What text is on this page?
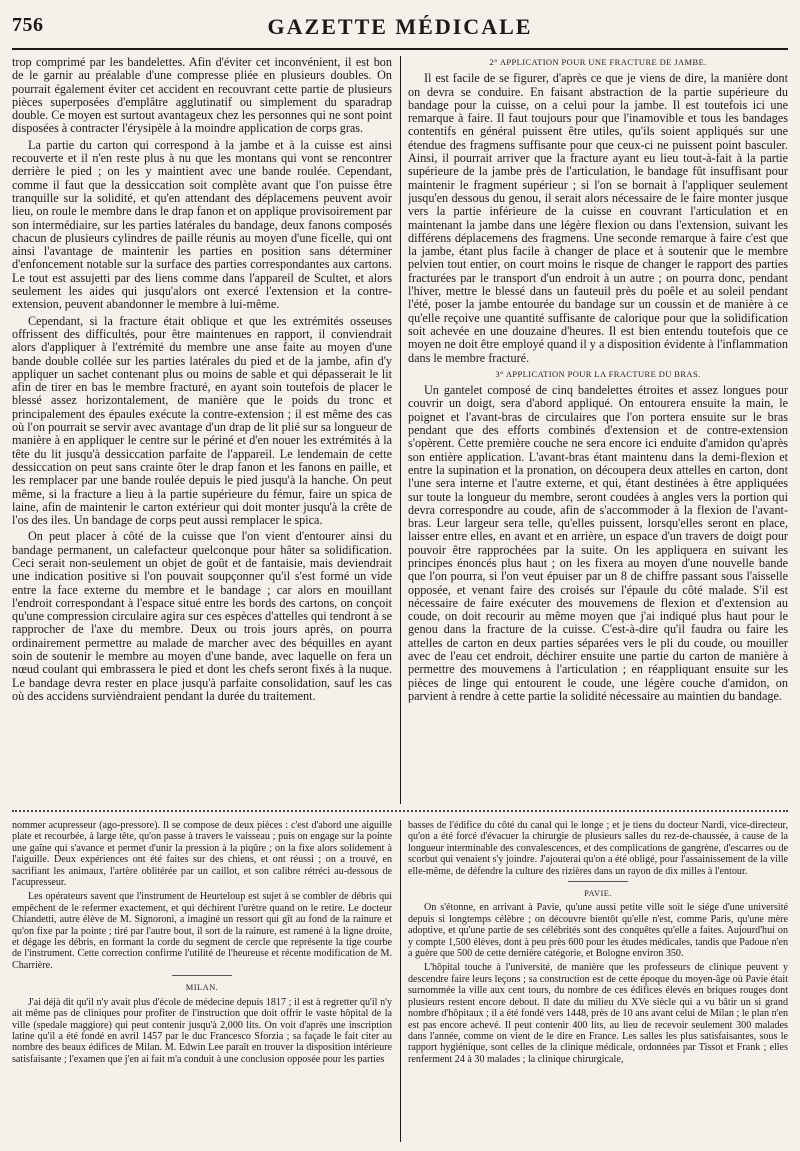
756	GAZETTE MÉDICALE

trop comprimé par les bandelettes. Afin d'éviter cet inconvénient, il est bon de le garnir au préalable d'une compresse pliée en plusieurs doubles. On pourrait également éviter cet accident en recouvrant cette partie de plusieurs pièces superposées d'emplâtre agglutinatif ou simplement du sparadrap double. Ce moyen est surtout avantageux chez les personnes qui ne sont point disposées à contracter l'érysipèle à la moindre application de corps gras.

La partie du carton qui correspond à la jambe et à la cuisse est ainsi recouverte et il n'en reste plus à nu que les montans qui vont se rencontrer derrière le pied ; on les y maintient avec une bande roulée. Cependant, comme il faut que la dessiccation soit complète avant que l'on puisse être tranquille sur la solidité, et qu'en attendant des déplacemens peuvent avoir lieu, on roule le membre dans le drap fanon et on applique provisoirement par son intermédiaire, sur les parties latérales du bandage, deux fanons composés chacun de plusieurs cylindres de paille réunis au moyen d'une ficelle, qui ont ainsi l'avantage de maintenir les parties en position sans déterminer d'enfoncement notable sur la surface des parties correspondantes aux cartons. Le tout est assujetti par des liens comme dans l'appareil de Scultet, et alors seulement les aides qui jusqu'alors ont exercé l'extension et la contre-extension, peuvent abandonner le membre à lui-même.

Cependant, si la fracture était oblique et que les extrémités osseuses offrissent des difficultés, pour être maintenues en rapport, il conviendrait alors d'appliquer à l'extrémité du membre une anse faite au moyen d'une bande double collée sur les parties latérales du pied et de la jambe, afin d'y appliquer un sachet contenant plus ou moins de sable et qui dépasserait le lit afin de tirer en bas le membre fracturé, en ayant soin toutefois de placer le blessé assez horizontalement, de manière que le poids du tronc et principalement des épaules exécute la contre-extension ; il est même des cas où l'on pourrait se servir avec avantage d'un drap de lit plié sur sa longueur de manière à en appliquer le centre sur le périné et d'en nouer les extrémités à la tête du lit jusqu'à dessiccation parfaite de l'appareil. Le lendemain de cette dessiccation on peut sans crainte ôter le drap fanon et les fanons en paille, et les remplacer par une bande roulée depuis le pied jusqu'à la hanche. On peut même, si la fracture a lieu à la partie supérieure du fémur, faire un spica de laine, afin de maintenir le carton extérieur qui doit monter jusqu'à la crête de l'os des iles. Un bandage de corps peut aussi remplacer le spica.

On peut placer à côté de la cuisse que l'on vient d'entourer ainsi du bandage permanent, un calefacteur quelconque pour hâter sa solidification. Ceci serait non-seulement un objet de goût et de fantaisie, mais deviendrait une indication positive si l'on pouvait soupçonner qu'il s'est formé un vide entre la face externe du membre et le bandage ; car alors en mouillant l'endroit correspondant à l'espace situé entre les bords des cartons, on conçoit qu'une compression circulaire agira sur ces espèces d'attelles qui tendront à se rapprocher de l'axe du membre. Deux ou trois jours après, on pourra ordinairement permettre au malade de marcher avec des béquilles en ayant soin de soutenir le membre au moyen d'une bande, avec laquelle on fera un nœud coulant qui embrassera le pied et dont les chefs seront fixés à la nuque. Le bandage devra rester en place jusqu'à parfaite consolidation, sauf les cas où des accidens survièndraient pendant la durée du traitement.

2° APPLICATION POUR UNE FRACTURE DE JAMBE.

Il est facile de se figurer, d'après ce que je viens de dire, la manière dont on devra se conduire. En faisant abstraction de la partie supérieure du bandage pour la cuisse, on a celui pour la jambe. Il est toutefois ici une remarque à faire. Il faut toujours pour que l'inamovible et tous les bandages contentifs en général puissent être utiles, qu'ils soient appliqués sur une étendue des fragmens suffisante pour que ceux-ci ne puissent point basculer. Ainsi, il pourrait arriver que la fracture ayant eu lieu tout-à-fait à la partie supérieure de la jambe près de l'articulation, le bandage fût insuffisant pour maintenir le fragment supérieur ; si l'on se bornait à l'appliquer seulement jusqu'en dessous du genou, il serait alors nécessaire de le faire monter jusque vers la partie inférieure de la cuisse en couvrant l'articulation et en maintenant la jambe dans une légère flexion ou dans l'extension, suivant les différens déplacemens des fragmens. Une seconde remarque à faire c'est que la jambe, étant plus facile à changer de place et à soutenir que le membre pelvien tout entier, on court moins le risque de changer le rapport des parties fracturées par le transport d'un endroit à un autre ; on pourra donc, pendant l'hiver, mettre le blessé dans un fauteuil près du poêle et au soleil pendant l'été, poser la jambe entourée du bandage sur un coussin et de manière à ce qu'elle reçoive une quantité suffisante de calorique pour que la solidification soit achevée en une douzaine d'heures. Il est bien entendu toutefois que ce moyen ne doit être employé quand il y a disposition évidente à l'inflammation dans le membre fracturé.

3° APPLICATION POUR LA FRACTURE DU BRAS.

Un gantelet composé de cinq bandelettes étroites et assez longues pour couvrir un doigt, sera d'abord appliqué. On entourera ensuite la main, le poignet et l'avant-bras de circulaires que l'on portera ensuite sur le bras pendant que des efforts combinés d'extension et de contre-extension s'opèrent. Cette première couche ne sera encore ici enduite d'amidon qu'après son entière application. L'avant-bras étant maintenu dans la demi-flexion et entre la supination et la pronation, on découpera deux attelles en carton, dont l'une sera interne et l'autre externe, et qui, étant destinées à être appliquées sur toute la longueur du membre, seront coudées à angles vers la portion qui devra correspondre au coude, afin de s'accommoder à la flexion de l'avant-bras. Leur largeur sera telle, qu'elles puissent, lorsqu'elles seront en place, laisser entre elles, en avant et en arrière, un espace d'un travers de doigt pour pouvoir être rapprochées par la suite. On les appliquera en suivant les principes énoncés plus haut ; on les fixera au moyen d'une nouvelle bande que l'on pourra, si l'on veut épuiser par un 8 de chiffre passant sous l'aisselle opposée, et venant faire des croisés sur l'épaule du côté malade. S'il est nécessaire de faire exécuter des mouvemens de flexion et d'extension au coude, on doit recourir au même moyen que j'ai indiqué plus haut pour le genou dans la fracture de la cuisse. C'est-à-dire qu'il faudra ou faire les attelles de carton en deux parties séparées vers le pli du coude, ou mouiller avec de l'eau cet endroit, déchirer ensuite une partie du carton de manière à permettre des mouvemens à l'articulation ; en réappliquant ensuite sur les pièces de linge qui entourent le coude, une légère couche d'amidon, on parvient à rendre à cette partie la solidité nécessaire au maintien du bandage.

nommer acupresseur (ago-pressore). Il se compose de deux pièces : c'est d'abord une aiguille plate et recourbée, à large tête, qu'on passe à travers le vaisseau ; puis on engage sur la pointe une gaîne qui s'avance et permet d'unir la pression à la piqûre ; on la fixe alors solidement à l'aiguille. Deux expériences ont été faites sur des chiens, et ont réussi ; on a trouvé, en sacrifiant les animaux, l'artère oblitérée par un caillot, et son calibre rétréci au-dessous de l'acupresseur.

Les opérateurs savent que l'instrument de Heurteloup est sujet à se combler de débris qui empêchent de le refermer exactement, et qui déchirent l'urètre quand on le retire. Le docteur Chiandetti, autre élève de M. Signoroni, a imaginé un ressort qui gît au fond de la rainure et qu'on fixe par la pointe ; tiré par l'autre bout, il sort de la rainure, est ramené à la ligne droite, et dégage les débris, en formant la corde du segment de cercle que représente la tige courbe de l'instrument. Cette correction confirme l'utilité de l'heureuse et récente modification de M. Charrière.

MILAN.

J'ai déjà dit qu'il n'y avait plus d'école de médecine depuis 1817 ; il est à regretter qu'il n'y ait même pas de cliniques pour profiter de l'instruction que doit offrir le vaste hôpital de la ville (spedale maggiore) qui peut contenir jusqu'à 2,000 lits. On voit d'après une inscription latine qu'il a été fondé en avril 1457 par le duc Francesco Sforzia ; sa façade le fait citer au nombre des beaux édifices de Milan. M. Edwin Lee paraît en trouver la disposition intérieure satisfaisante ; l'examen que j'en ai fait m'a conduit à une conclusion opposée pour les parties

basses de l'édifice du côté du canal qui le longe ; et je tiens du docteur Nardi, vice-directeur, qu'on a été forcé d'évacuer la chirurgie de plusieurs salles du rez-de-chaussée, à cause de la longueur interminable des convalescences, et des complications de gangrène, d'escarres ou de scorbut qui venaient s'y joindre. J'ajouterai qu'on a été obligé, pour l'assainissement de la ville elle-même, de défendre la culture des rizières dans un rayon de dix milles à l'entour.

PAVIE.

On s'étonne, en arrivant à Pavie, qu'une aussi petite ville soit le siége d'une université depuis si longtemps célèbre ; on découvre bientôt qu'elle n'est, comme Paris, qu'une mère adoptive, et qu'une partie de ses célébrités sont des conquêtes qu'elle a faites. Aujourd'hui on y compte 1,500 élèves, dont à peu près 600 pour les études médicales, tandis que Padoue n'en a guère que 500 de cette dernière catégorie, et Bologne environ 350.

L'hôpital touche à l'université, de manière que les professeurs de clinique peuvent y descendre faire leurs leçons ; sa construction est de cette époque du moyen-âge où Pavie était surnommée la ville aux cent tours, du nombre de ces édifices élevés en briques rouges dont plusieurs restent encore debout. Il date du milieu du XVe siècle qui a vu bâtir un si grand nombre d'hôpitaux ; il a été fondé vers 1448, près de 10 ans avant celui de Milan ; le plan n'en est pas encore achevé. Il peut contenir 400 lits, au lieu de recevoir seulement 300 malades dans l'année, comme on vient de le dire en France. Les salles les plus satisfaisantes, sous le rapport hygiénique, sont celles de la clinique médicale, ordonnées par Tissot et Frank ; elles renferment 24 à 30 malades ; la clinique chirurgicale,
